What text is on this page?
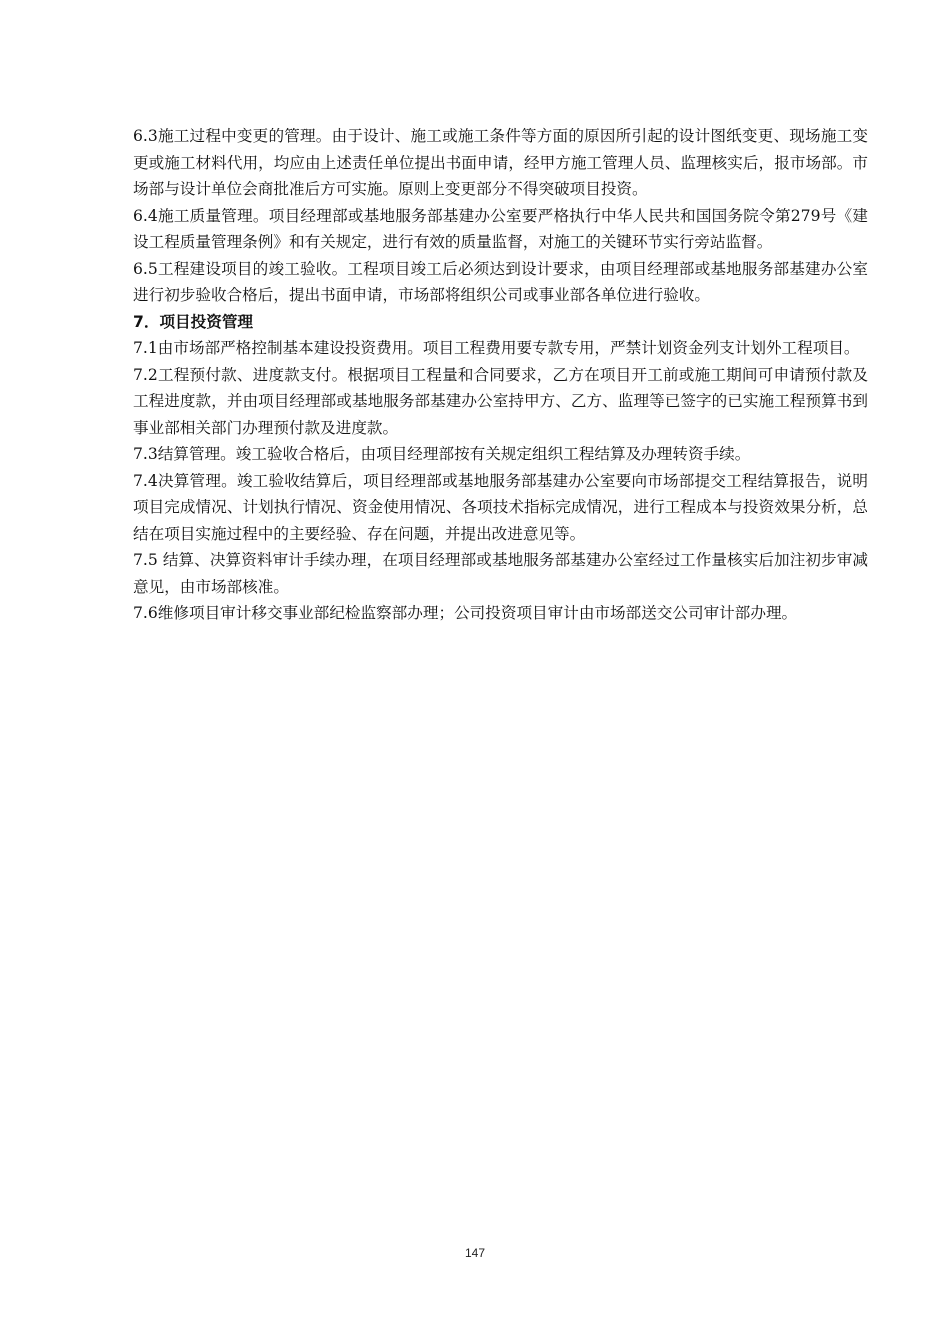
6.3施工过程中变更的管理。由于设计、施工或施工条件等方面的原因所引起的设计图纸变更、现场施工变更或施工材料代用，均应由上述责任单位提出书面申请，经甲方施工管理人员、监理核实后，报市场部。市场部与设计单位会商批准后方可实施。原则上变更部分不得突破项目投资。

6.4施工质量管理。项目经理部或基地服务部基建办公室要严格执行中华人民共和国国务院令第279号《建设工程质量管理条例》和有关规定，进行有效的质量监督，对施工的关键环节实行旁站监督。

6.5工程建设项目的竣工验收。工程项目竣工后必须达到设计要求，由项目经理部或基地服务部基建办公室进行初步验收合格后，提出书面申请，市场部将组织公司或事业部各单位进行验收。

7．项目投资管理

7.1由市场部严格控制基本建设投资费用。项目工程费用要专款专用，严禁计划资金列支计划外工程项目。

7.2工程预付款、进度款支付。根据项目工程量和合同要求，乙方在项目开工前或施工期间可申请预付款及工程进度款，并由项目经理部或基地服务部基建办公室持甲方、乙方、监理等已签字的已实施工程预算书到事业部相关部门办理预付款及进度款。

7.3结算管理。竣工验收合格后，由项目经理部按有关规定组织工程结算及办理转资手续。

7.4决算管理。竣工验收结算后，项目经理部或基地服务部基建办公室要向市场部提交工程结算报告，说明项目完成情况、计划执行情况、资金使用情况、各项技术指标完成情况，进行工程成本与投资效果分析，总结在项目实施过程中的主要经验、存在问题，并提出改进意见等。

7.5 结算、决算资料审计手续办理，在项目经理部或基地服务部基建办公室经过工作量核实后加注初步审减意见，由市场部核准。

7.6维修项目审计移交事业部纪检监察部办理；公司投资项目审计由市场部送交公司审计部办理。

147
